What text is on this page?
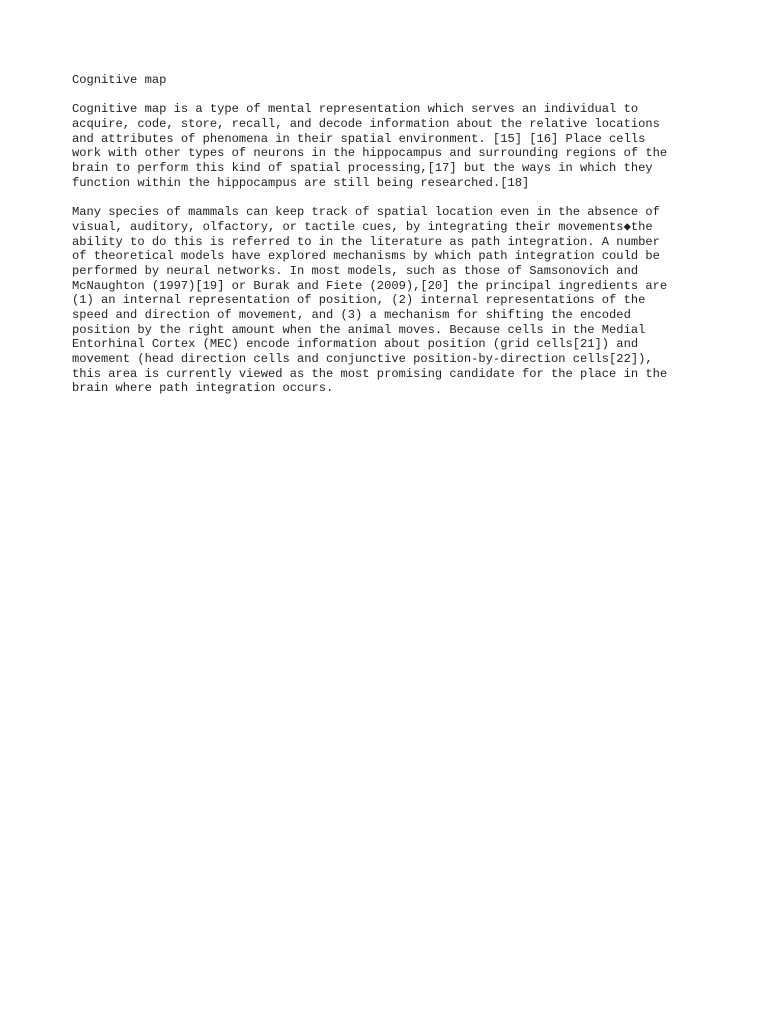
Cognitive map
Cognitive map is a type of mental representation which serves an individual to
acquire, code, store, recall, and decode information about the relative locations
and attributes of phenomena in their spatial environment. [15] [16] Place cells
work with other types of neurons in the hippocampus and surrounding regions of the
brain to perform this kind of spatial processing,[17] but the ways in which they
function within the hippocampus are still being researched.[18]
Many species of mammals can keep track of spatial location even in the absence of
visual, auditory, olfactory, or tactile cues, by integrating their movements◆the
ability to do this is referred to in the literature as path integration. A number
of theoretical models have explored mechanisms by which path integration could be
performed by neural networks. In most models, such as those of Samsonovich and
McNaughton (1997)[19] or Burak and Fiete (2009),[20] the principal ingredients are
(1) an internal representation of position, (2) internal representations of the
speed and direction of movement, and (3) a mechanism for shifting the encoded
position by the right amount when the animal moves. Because cells in the Medial
Entorhinal Cortex (MEC) encode information about position (grid cells[21]) and
movement (head direction cells and conjunctive position-by-direction cells[22]),
this area is currently viewed as the most promising candidate for the place in the
brain where path integration occurs.
